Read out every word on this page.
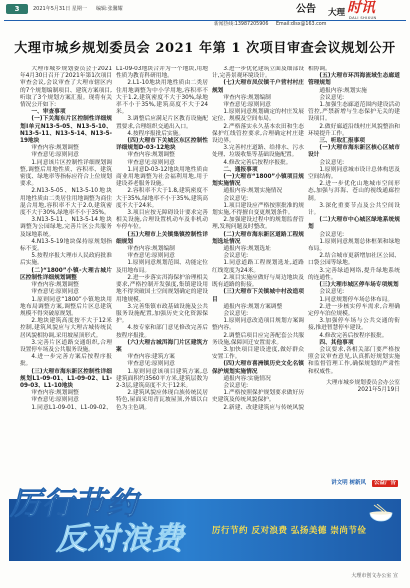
3	2021年5月31日 星期一 编辑:张馨耀	公告 大理 时讯
DALI SHIXUN
新闻热线:13987205906 Email:dlsx@163.com
大理市城乡规划委员会 2021 年第 1 次项目审查会议规划公开

大理市城乡规划委员会于2021年4月30日召开了2021年第1次项目审查会议,会议审查了大理市辖区内的7个规划编制项目、建筑方案项目,听取了3个规划方案汇报。现将有关情况公开如下:

一、审查事项
(一)下关海东片区控制性详细规划Ⅰ单元N13-5-05、N13-5-10、N13-5-11、N13-5-14、N13-5-19地块

审查内容:规划调整

审查意见:原则同意

1.同意该片区控制性详细规划调整,调整后用地性质、容积率、建筑密度、绿地率等指标应符合上位规划要求。

2.N13-5-05、N13-5-10地块用地性质由二类居住用地调整为商住混合用地,容积率不大于2.0,建筑密度不大于30%,绿地率不小于35%。

3.N13-5-11、N13-5-14地块调整为公园绿地,完善片区公共服务及绿地系统。

4.N13-5-19地块保持原规划指标不变。

5.按程序报大理市人民政府批准后实施。

(二)“1800”小镇-大理古城片区控制性详细规划调整

审查内容:规划调整

审查意见:原则同意

1.原则同意“1800”小镇地块用地布局调整方案,调整后片区总建筑规模不得突破原规划。

2.地块建筑高度按不大于12米控制,建筑风貌应与大理古城传统民居风貌相协调,采用坡屋顶形式。

3.完善片区道路交通组织,合理设置停车场及公共服务设施。

4.进一步完善方案后按程序报批。

(三)大理市海东新区控制性详细规划L1-09-01、L1-09-02、L1-09-03、L1-10地块

审查内容:规划调整

审查意见:原则同意

1.同意L1-09-01、L1-09-02、L1-09-03地块合并为一个地块,用地性质为教育科研用地。

2.L1-10地块用地性质由二类居住用地调整为中小学用地,容积率不大于1.2,建筑密度不大于30%,绿地率不小于35%,建筑高度不大于24米。

3.调整后应满足片区教育设施配置要求,合理组织交通出入口。

4.按程序报批后实施。

(四)大理市下关城区东区控制性详细规划D-03-12地块

审查内容:规划调整

审查意见:原则同意

1.同意D-03-12地块用地性质由商业用地调整为社会福利用地,用于建设养老服务设施。

2.容积率不大于1.8,建筑密度不大于35%,绿地率不小于35%,建筑高度不大于24米。

3.项目应按无障碍设计要求完善相关设施,合理设置机动车及非机动车停车位。

(五)大理市上关镇集镇控制性详细规划

审查内容:规划编制

审查意见:原则同意

1.原则同意规划范围、功能定位及用地布局。

2.进一步落实洱海保护治理相关要求,严格控制开发强度,集镇建设用地不得突破国土空间规划确定的建设用地规模。

3.完善集镇市政基础设施及公共服务设施配置,加强历史文化资源保护。

4.按专家和部门意见修改完善后按程序报批。

(六)大理古城洱海门片区建筑方案

审查内容:建筑方案

审查意见:原则同意

1.原则同意该项目建筑方案,总建筑面积约3560平方米,建筑层数为2-3层,建筑高度不大于12米。

2.建筑风貌应体现白族传统民居特色,屋面采用青瓦坡屋顶,外墙以白色为主色调。

3.进一步优化建筑立面及细部设计,完善景观环境设计。

(七)大理市凤仪镇千户营村村庄规划

审查内容:规划编制

审查意见:原则同意

1.原则同意规划确定的村庄发展定位、规模及空间布局。

2.严格落实永久基本农田和生态保护红线管控要求,合理确定村庄建设边界。

3.完善村庄道路、给排水、污水处理、垃圾收集等基础设施配置。

4.修改完善后按程序报批。

二、通报事项
(一)大理市“1800”小镇项目规划实施情况

通报内容:规划实施情况

会议意见:

1.项目建设应严格按照批准的规划实施,不得擅自变更规划条件。

2.加强建设过程中的规划监督管理,发现问题及时整改。

(二)大理市海东新区道路工程规划选址情况

通报内容:规划选址

会议意见:

1.同意道路工程规划选址,道路红线宽度为24米。

2.项目实施应做好与周边地块及既有道路的衔接。

(三)大理市下关镇城中村改造项目

通报内容:规划方案调整

会议意见:

1.原则同意改造项目规划方案调整内容。

2.调整后项目应完善配套公共服务设施,保障回迁安置需求。

3.加快项目建设进度,做好群众安置工作。

(四)大理市喜洲镇历史文化名镇保护规划实施情况

通报内容:实施情况

会议意见:

1.严格按照保护规划要求做好历史建筑及传统风貌保护。

2.新建、改建建筑应与传统风貌相协调。

(五)大理市环洱海流域生态廊道管理规划

通报内容:规划实施

会议意见:

1.加强生态廊道范围内建设活动管控,严禁新增与生态保护无关的建设项目。

2.做好廊道沿线村庄风貌整治和环境提升工作。

三、听取汇报事项
(一)大理市海东新区核心区城市设计

会议意见:

1.原则同意城市设计总体构思及空间结构。

2.进一步优化山地城市空间形态,加强与洱海、苍山的视线通廊控制。

3.深化重要节点及公共空间设计。

(二)大理市中心城区绿地系统规划

会议意见:

1.原则同意规划总体框架和绿地布局。

2.结合城市更新增加社区公园、口袋公园等绿地。

3.完善绿道网络,提升绿地系统的连通性。

(三)大理市城区停车场专项规划

会议意见:

1.同意规划停车场总体布局。

2.进一步核实停车需求,合理确定停车泊位规模。

3.加强停车场与公共交通的衔接,推进智慧停车建设。

4.修改完善后按程序报批。

四、其他事项

会议要求,各相关部门要严格按照会议审查意见,认真抓好规划实施和监督管理工作,确保规划的严肃性和权威性。

大理市城乡规划委员会办公室

2021年5月19日

讲文明 树新风 公益广告
厉行节约
反对浪费	厉行节约 反对浪费 弘扬美德 崇尚节俭
大理市创文办公室 宣
